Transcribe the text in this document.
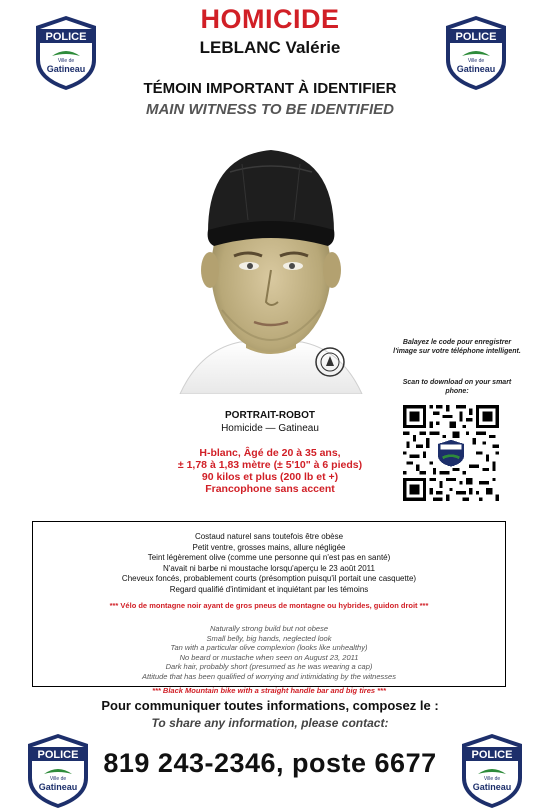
POLICE
Ville de
Gatineau
POLICE
Ville de
Gatineau
HOMICIDE
LEBLANC Valérie
TÉMOIN IMPORTANT À IDENTIFIER
MAIN WITNESS TO BE IDENTIFIED
Balayez le code pour enregistrer l'image sur votre téléphone intelligent.
Scan to download on your smart phone:
PORTRAIT-ROBOT
Homicide — Gatineau
H-blanc, Âgé de 20 à 35 ans,
± 1,78 à 1,83 mètre (± 5'10" à 6 pieds)
90 kilos et plus (200 lb et +)
Francophone sans accent
Costaud naturel sans toutefois être obèse
Petit ventre, grosses mains, allure négligée
Teint légèrement olive (comme une personne qui n'est pas en santé)
N'avait ni barbe ni moustache lorsqu'aperçu le 23 août 2011
Cheveux foncés, probablement courts (présomption puisqu'il portait une casquette)
Regard qualifié d'intimidant et inquiétant par les témoins
*** Vélo de montagne noir ayant de gros pneus de montagne ou hybrides, guidon droit ***
Naturally strong build but not obese
Small belly, big hands, neglected look
Tan with a particular olive complexion (looks like unhealthy)
No beard or mustache when seen on August 23, 2011
Dark hair, probably short (presumed as he was wearing a cap)
Attitude that has been qualified of worrying and intimidating by the witnesses
*** Black Mountain bike with a straight handle bar and big tires ***
POLICE
Ville de
Gatineau
POLICE
Ville de
Gatineau
Pour communiquer toutes informations, composez le :
To share any information, please contact:
819 243-2346, poste 6677
